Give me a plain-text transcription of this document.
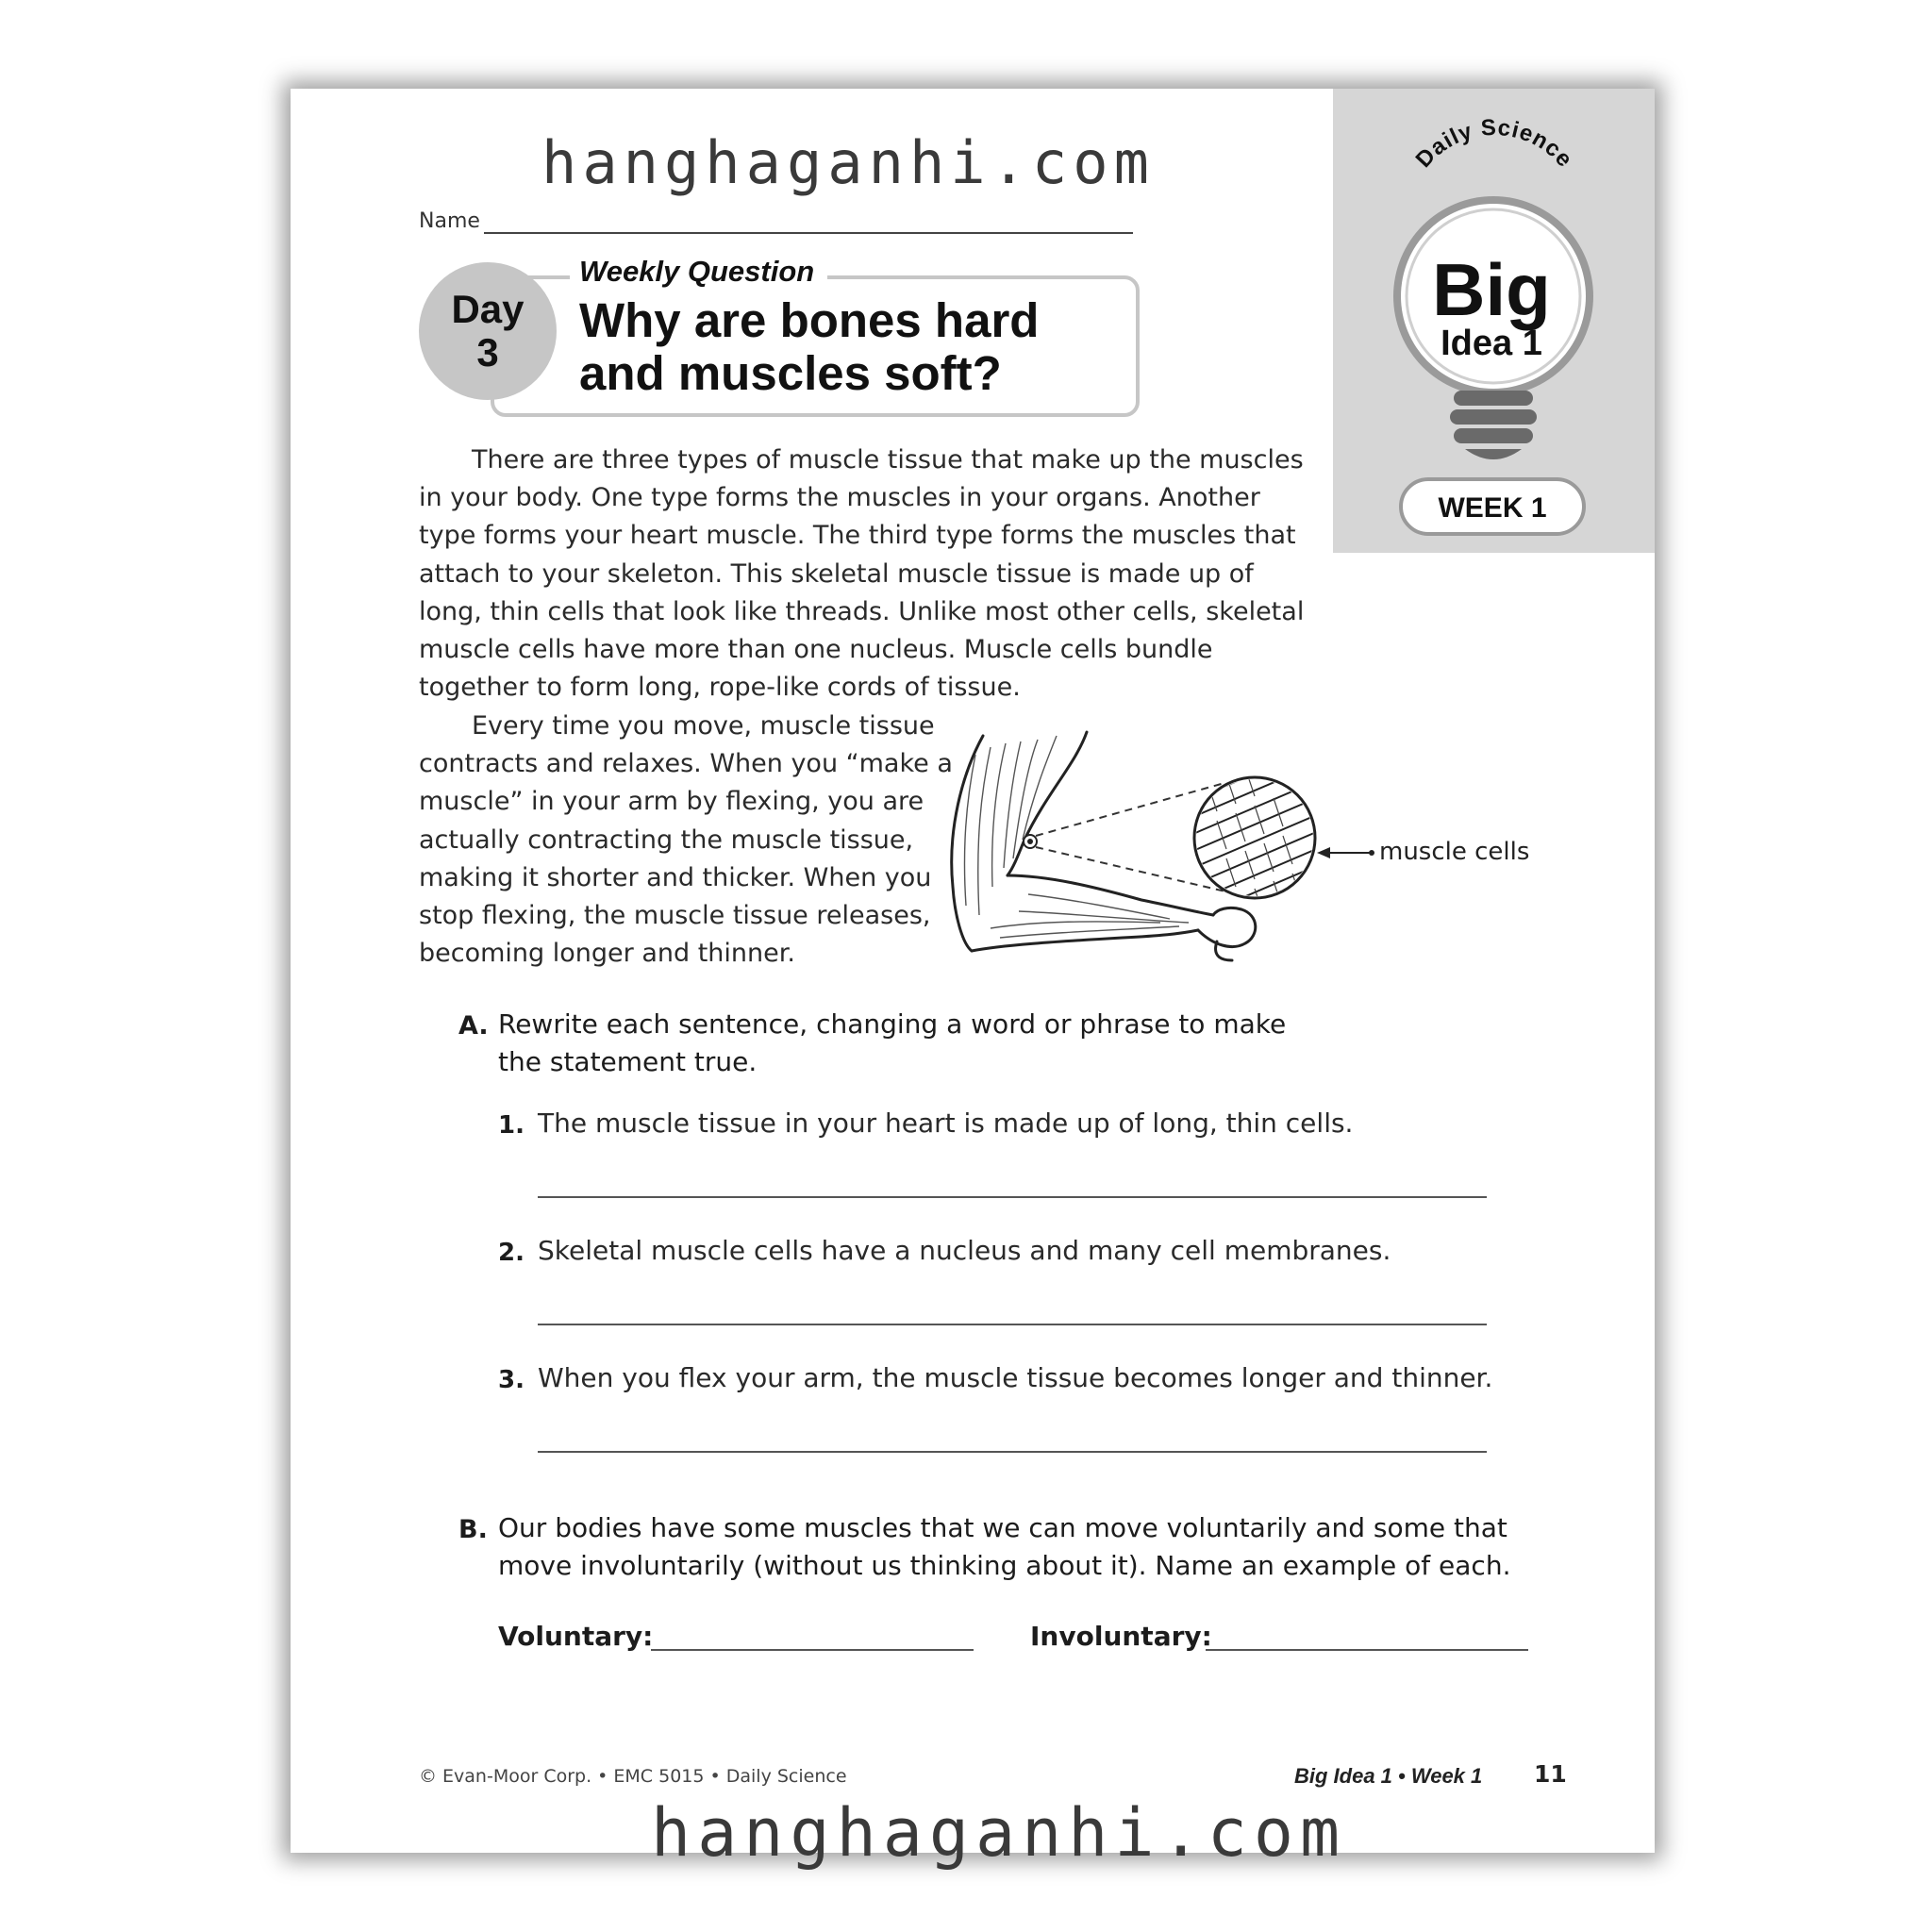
hanghaganhi.com
Name
Day
3
Weekly Question
Why are bones hard
and muscles soft?
Daily Science
Big
Idea 1
WEEK 1

There are three types of muscle tissue that make up the muscles in your body. One type forms the muscles in your organs. Another type forms your heart muscle. The third type forms the muscles that attach to your skeleton. This skeletal muscle tissue is made up of long, thin cells that look like threads. Unlike most other cells, skeletal muscle cells have more than one nucleus. Muscle cells bundle together to form long, rope-like cords of tissue.

Every time you move, muscle tissue contracts and relaxes. When you “make a muscle” in your arm by flexing, you are actually contracting the muscle tissue, making it shorter and thicker. When you stop flexing, the muscle tissue releases, becoming longer and thinner.

muscle cells
A. Rewrite each sentence, changing a word or phrase to make
the statement true.
1. The muscle tissue in your heart is made up of long, thin cells.
2. Skeletal muscle cells have a nucleus and many cell membranes.
3. When you flex your arm, the muscle tissue becomes longer and thinner.
B. Our bodies have some muscles that we can move voluntarily and some that
move involuntarily (without us thinking about it). Name an example of each.
Voluntary:	Involuntary:
© Evan-Moor Corp. • EMC 5015 • Daily Science	Big Idea 1 • Week 1 11
hanghaganhi.com
